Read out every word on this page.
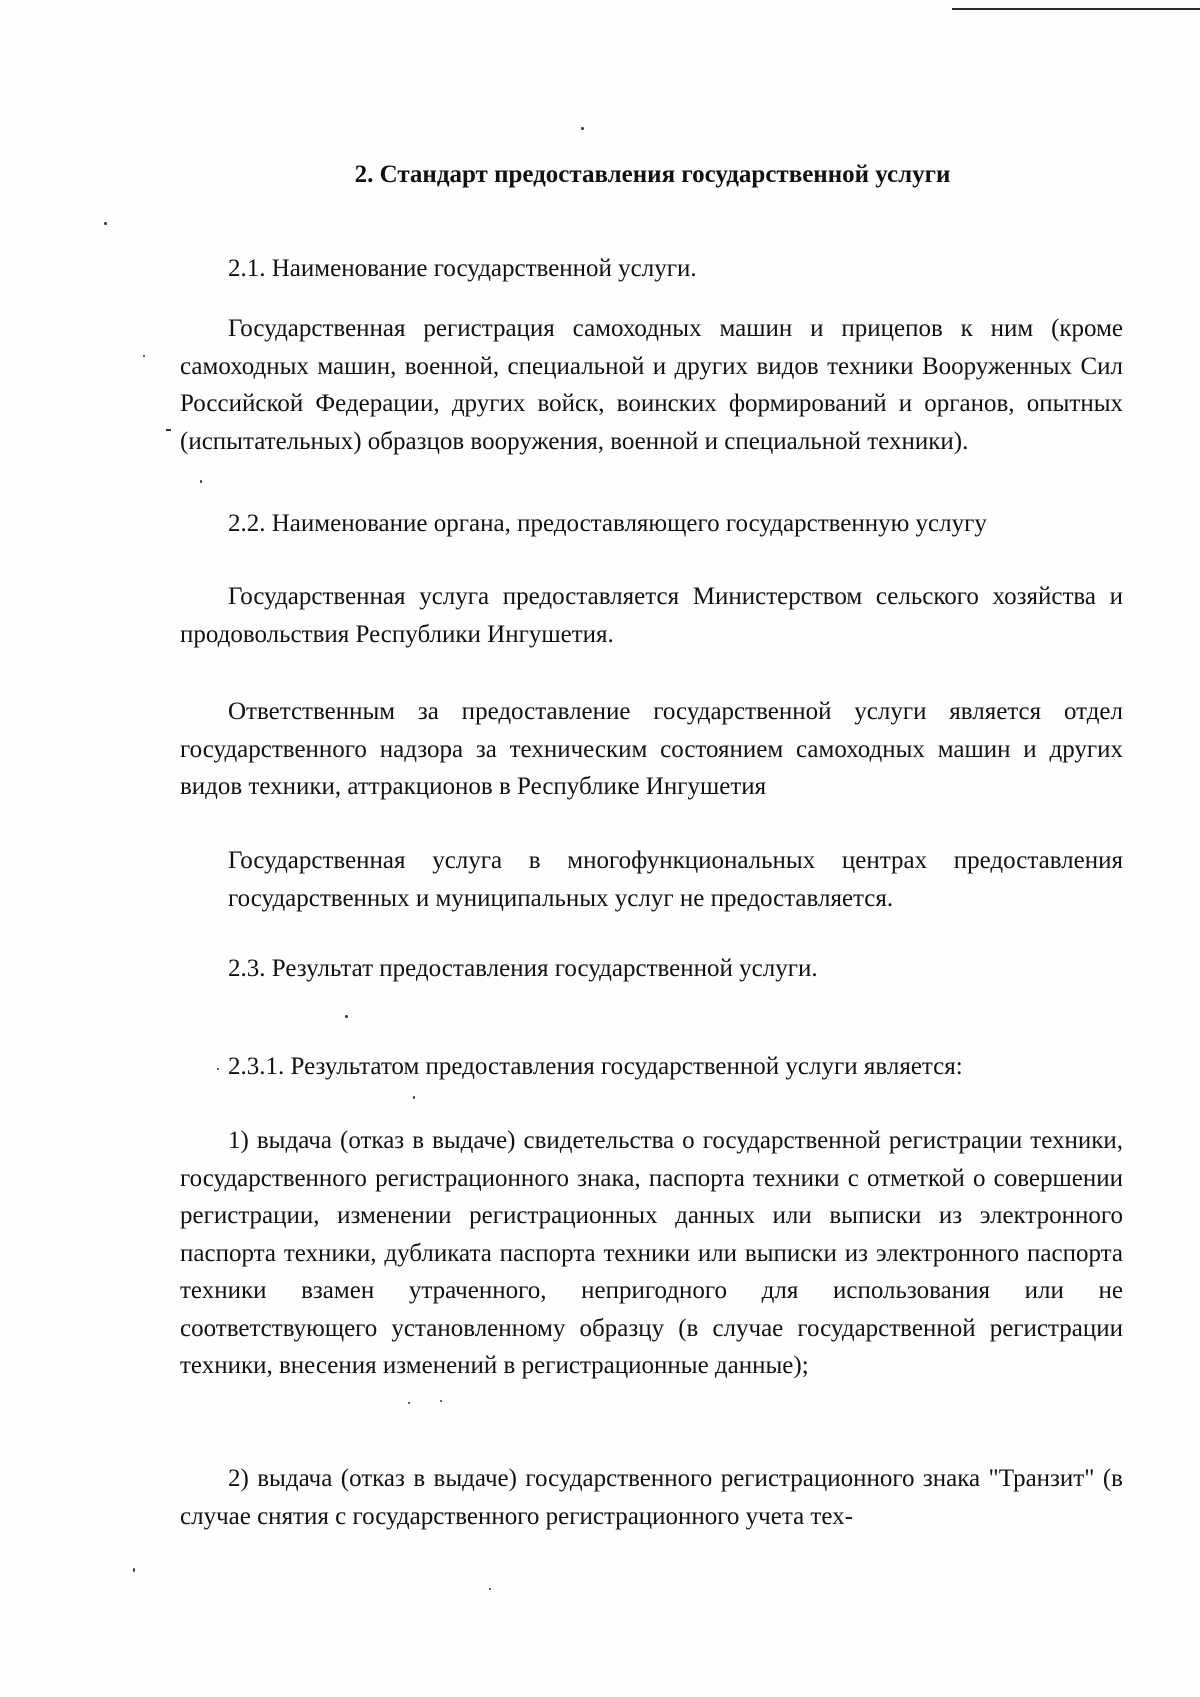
2. Стандарт предоставления государственной услуги

2.1. Наименование государственной услуги.

Государственная регистрация самоходных машин и прицепов к ним (кроме самоходных машин, военной, специальной и других видов техники Вооруженных Сил Российской Федерации, других войск, воинских формирований и органов, опытных (испытательных) образцов вооружения, военной и специальной техники).

2.2. Наименование органа, предоставляющего государственную услугу

Государственная услуга предоставляется Министерством сельского хозяйства и продовольствия Республики Ингушетия.

Ответственным за предоставление государственной услуги является отдел государственного надзора за техническим состоянием самоходных машин и других видов техники, аттракционов в Республике Ингушетия

Государственная услуга в многофункциональных центрах предоставления государственных и муниципальных услуг не предоставляется.

2.3. Результат предоставления государственной услуги.

2.3.1. Результатом предоставления государственной услуги является:

1) выдача (отказ в выдаче) свидетельства о государственной регистрации техники, государственного регистрационного знака, паспорта техники с отметкой о совершении регистрации, изменении регистрационных данных или выписки из электронного паспорта техники, дубликата паспорта техники или выписки из электронного паспорта техники взамен утраченного, непригодного для использования или не соответствующего установленному образцу (в случае государственной регистрации техники, внесения изменений в регистрационные данные);

2) выдача (отказ в выдаче) государственного регистрационного знака "Транзит" (в случае снятия с государственного регистрационного учета тех-
